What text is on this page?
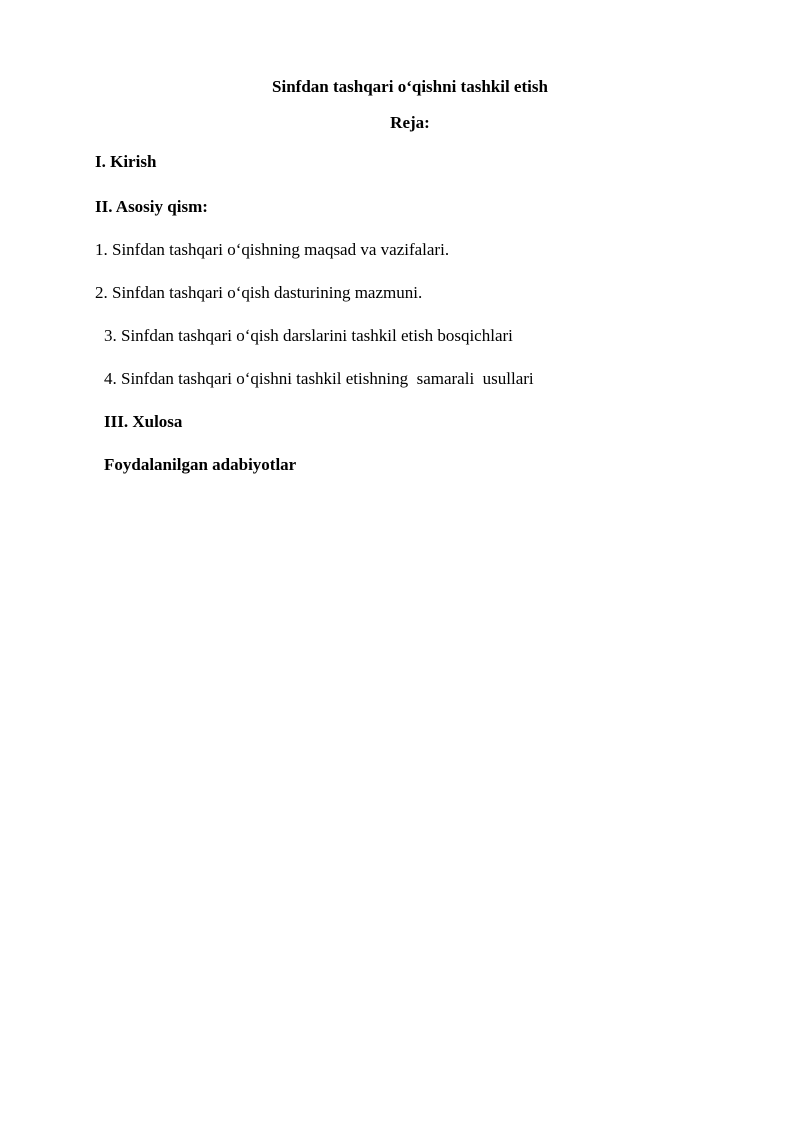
Sinfdan tashqari o‘qishni tashkil etish
Reja:
I. Kirish
II. Asosiy qism:
1. Sinfdan tashqari o‘qishning maqsad va vazifalari.
2. Sinfdan tashqari o‘qish dasturining mazmuni.
3. Sinfdan tashqari o‘qish darslarini tashkil etish bosqichlari
4. Sinfdan tashqari o‘qishni tashkil etishning  samarali  usullari
III. Xulosa
Foydalanilgan adabiyotlar
